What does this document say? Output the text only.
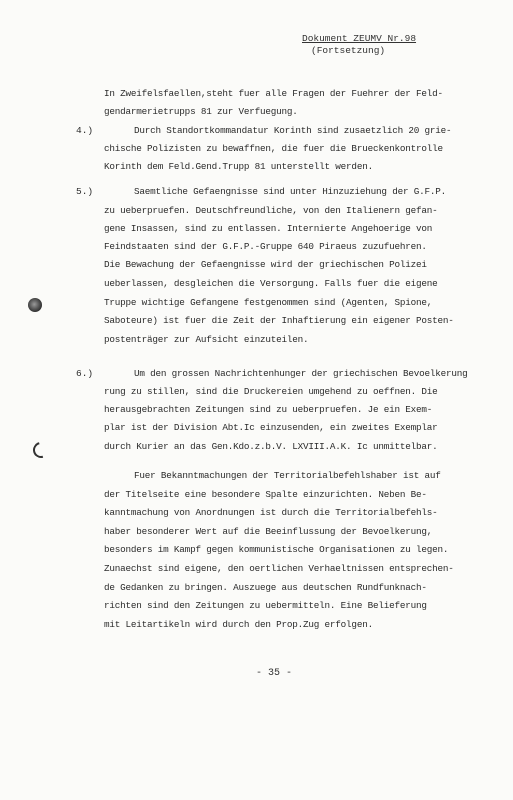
Dokument ZEUMV Nr.98
(Fortsetzung)
In Zweifelsfaellen,steht fuer alle Fragen der Fuehrer der Feld-
gendarmerietrupps 81 zur Verfuegung.
4.)	Durch Standortkommandatur Korinth sind zusaetzlich 20 grie-
chische Polizisten zu bewaffnen, die fuer die Brueckenkontrolle
Korinth dem Feld.Gend.Trupp 81 unterstellt werden.
5.)	Saemtliche Gefaengnisse sind unter Hinzuziehung der G.F.P.
zu ueberpruefen. Deutschfreundliche, von den Italienern gefan-
gene Insassen, sind zu entlassen. Internierte Angehoerige von
Feindstaaten sind der G.F.P.-Gruppe 640 Piraeus zuzufuehren.
Die Bewachung der Gefaengnisse wird der griechischen Polizei
ueberlassen, desgleichen die Versorgung. Falls fuer die eigene
Truppe wichtige Gefangene festgenommen sind (Agenten, Spione,
Saboteure) ist fuer die Zeit der Inhaftierung ein eigener Posten-
postenträger zur Aufsicht einzuteilen.
6.)	Um den grossen Nachrichtenhunger der griechischen Bevoelkerung
rung zu stillen, sind die Druckereien umgehend zu oeffnen. Die
herausgebrachten Zeitungen sind zu ueberpruefen. Je ein Exem-
plar ist der Division Abt.Ic einzusenden, ein zweites Exemplar
durch Kurier an das Gen.Kdo.z.b.V. LXVIII.A.K. Ic unmittelbar.
Fuer Bekanntmachungen der Territorialbefehlshaber ist auf
der Titelseite eine besondere Spalte einzurichten. Neben Be-
kanntmachung von Anordnungen ist durch die Territorialbefehls-
haber besonderer Wert auf die Beeinflussung der Bevoelkerung,
besonders im Kampf gegen kommunistische Organisationen zu legen.
Zunaechst sind eigene, den oertlichen Verhaeltnissen entsprechen-
de Gedanken zu bringen. Auszuege aus deutschen Rundfunknach-
richten sind den Zeitungen zu uebermitteln. Eine Belieferung
mit Leitartikeln wird durch den Prop.Zug erfolgen.
- 35 -
